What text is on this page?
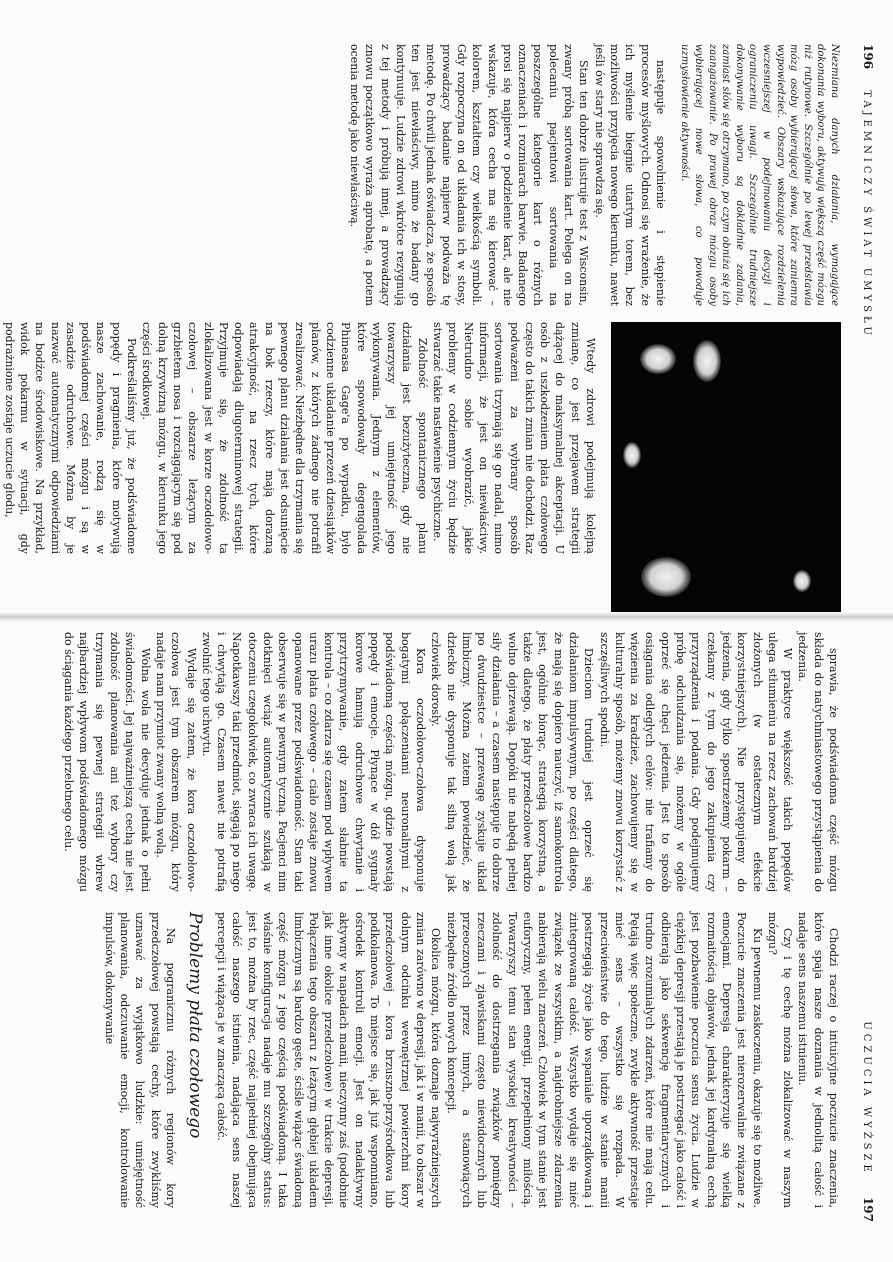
196 TAJEMNICZY ŚWIAT UMYSŁU
UCZUCIA WYŻSZE 197

Niezmiana danych działania, wymagające dokonania wyboru, aktywują większą część mózgu niż rutynowe. Szczególnie po lewej przedstawia mózg osoby wybierającej słowa, które zaniemra wypowiedzieć. Obszary wskazujące rozdzielenia wczesniejszej w podejmowaniu decyzji i ograniczeniu uwagi. Szczególnie trudniejsze dokonywanie wyboru są dokładnie zadania, zamiast słów się otrzymano, po czym obniża się ich zaangażowanie. Po prawej obraz mózgu osoby wybierającej nowe słowa, co powoduje uzmysłowienie aktywności.

następuje spowolnienie i stępienie procesów myślowych. Odnosi się wrażenie, że ich myślenie biegnie utartym torem, bez możliwości przyjęcia nowego kierunku, nawet jeśli ów stary nie sprawdza się.

Stan ten dobrze ilustruje test z Wisconsin, zwany próbą sortowania kart. Polega on na polecaniu pacjentowi sortowania na poszczególne kategorie kart o różnych oznaczeniach i rozmiarach barwie. Badanego prosi się najpierw o podzielenie kart, ale nie wskazuje, która cecha ma się kierować – kolorem, kształtem czy wielkością symboli. Gdy rozpoczyna on od układania ich w stosy, prowadzący badanie najpierw podważa tę metodę. Po chwili jednak oświadcza, że sposób ten jest niewłaściwy, mimo że badany go kontynuuje. Ludzie zdrowi wkrótce rezygnują z tej metody i próbują innej, a prowadzący znowu początkowo wyraża aprobatę, a potem ocenia metodę jako niewłaściwą.

Wtedy zdrowi podejmują kolejną zmianę, co jest przejawem strategii dążącej do maksymalnej akceptacji. U osób z uszkodzeniem płata czołowego często do takich zmian nie dochodzi. Raz podważeni za wybrany sposób sortowania trzymają się go nadal, mimo informacji, że jest on niewłaściwy. Nietrudno sobie wyobrazić, jakie problemy w codziennym życiu będzie stwarzać takie nastawienie psychiczne.

Zdolność spontanicznego planu działania jest bezużyteczna, gdy nie towarzyszy jej umiejętność jego wykonywania. Jednym z elementów, które spowodowały degengolada Phineasa Gage'a po wypadku, było codzienne układanie przezeń dziesiątków planów, z których żadnego nie potrafił zrealizować. Niezbędne dla trzymania się pewnego planu działania jest odsunięcie na bok rzeczy, które mają dorazną atrakcyjność, na rzecz tych, które odpowiadają długoterminowej strategii. Przyjmuje się, że zdolność ta zlokalizowana jest w korze oczodołowo-czołowej – obszarze leżącym za grzbietem nosa i rozciągającym się pod dolną krzywizną mózgu, w kierunku jego części środkowej.

Podkreślaliśmy już, że podświadome popędy i pragnienia, które motywują nasze zachowanie, rodzą się w podświadomej części mózgu i są w zasadzie odruchowe. Można by je nazwać automatycznymi odpowiedziami na bodźce środowiskowe. Na przykład, widok pokarmu w sytuacji, gdy podrażnione zostaje uczucie głodu,

sprawia, że podświadoma część mózgu składa do natychmiastowego przystąpienia do jedzenia.

W praktyce większość takich popędów ulega stłumieniu na rzecz zachowań bardziej złożonych (w ostatecznym efekcie korzystniejszych). Nie przystępujemy do jedzenia, gdy tylko spostrzeżemy pokarm – czekamy z tym do jego zakupienia czy przyrządzenia i podania. Gdy podejmujemy próbę odchudzania się, możemy w ogóle oprzeć się chęci jedzenia. Jest to sposób osiągania odległych celów: nie trafiamy do więzienia za kradzież, zachowujemy się w kulturalny sposób, możemy znowu korzystać z szczęśliwych spodni.

Dzieciom trudniej jest oprzeć się działaniom impulsywnym, po części dlatego, że mają się dopiero nauczyć, iż samokontrola jest, ogólnie biorąc, strategią korzystną, a także dlatego, że płaty przedczołowe bardzo wolno dojrzewają. Dopóki nie nabędą pełnej siły działania – a czasem następuje to dobrze po dwudziestce – przewagę zyskuje układ limbiczny. Można zatem powiedzieć, że dziecko nie dysponuje tak silną wolą jak człowiek dorosły.

Kora oczodołowo-czołowa dysponuje bogatymi połączeniami neuronalnymi z podświadomą częścią mózgu, gdzie powstają popędy i emocje. Płynące w dół sygnały korowe hamują odruchowe chwytanie i przytrzymywanie, gdy zatem słabnie ta kontrola – co zdarza się czasem pod wpływem urazu płata czołowego – ciało zostaje znowu opanowane przez podświadomość. Stan taki obserwuje się w pewnym tyczną. Pacjenci nim dotknięci wciąż automatycznie szukają w otoczeniu czegokolwiek, co zwraca ich uwagę. Napotkawszy taki przedmiot, sięgają po niego i chwytają go. Czasem nawet nie potrafią zwolnić tego uchwytu.

Wydaje się zatem, że kora oczodołowo-czołowa jest tym obszarem mózgu, który nadaje nam przymiot zwany wolną wolą.

Wolna wola nie decyduje jednak o pełni świadomości. Jej najważniejszą cechą nie jest zdolność planowania ani też wybory czy trzymania się pewnej strategii wbrew najbardziej wpływom podświadomego mózgu do ściągania każdego przelotnego celu.

Chodzi raczej o intuicyjne poczucie znaczenia, które spaja nasze doznania w jednolitą całość i nadaje sens naszemu istnieniu.

Czy i tę cechę można zlokalizować w naszym mózgu?

Ku pewnemu zaskoczeniu, okazuje się to możliwe. Poczucie znaczenia jest nierozerwalnie związane z emocjami. Depresja charakteryzuje się wielką rozmaitością objawów, jednak jej kardynalną cechą jest pozbawienie poczucia sensu życia. Ludzie w ciężkiej depresji przestają je postrzegać jako całość i odbierają jako sekwencję fragmentarycznych i trudno zrozumiałych zdarzeń, które nie mają celu. Pętają więc społeczne, zwykle aktywność przestaje mieć sens – wszystko się rozpada. W przeciwieństwie do tego, ludzie w stanie manii postrzegają życie jako wspaniale uporządkowaną i zintegrowaną całość. Wszystko wydaje się mieć związek ze wszystkim, a najdrobniejsze zdarzenia nabierają wielu znaczeń. Człowiek w tym stanie jest euforyczny, pełen energii, przepełniony miłością. Towarzyszy temu stan wysokiej kreatywności – zdolność do dostrzegania związków pomiędzy rzeczami i zjawiskami często niewidocznych lub przeoczonych przez innych, a stanowiących niezbędne źródło nowych koncepcji.

Okolica mózgu, która doznaje najwyraźniejszych zmian zarówno w depresji, jak i w manii, to obszar w dolnym odcinku wewnętrznej powierzchni kory przedczołowej – kora brzuszno-przyśrodkowa lub podkolanowa. To miejsce się, jak już wspomniano, ośrodek kontroli emocji. Jest on nadaktywny aktywny w napadach manii, nieczynny zaś (podobnie jak inne okolice przedczołowe) w trakcie depresji. Połączenia tego obszaru z leżącym głębiej układem limbicznym są bardzo gęste, ściśle wiążąc świadomą część mózgu z jego częścią podświadomą. I taka właśnie konfiguracja nadaje mu szczególny status: jest to, można by rzec, część najpełniej obejmująca całość naszego istnienia, nadająca sens naszej percepcji i wiążąca je w znaczącą całość.

Problemy płata czołowego

Na pogranicznu różnych regionów kory przedczołowej powstają cechy, które zwykliśmy uznawać za wyjątkowo ludzkie: umiejętność planowania, odczuwanie emocji, kontrolowanie impulsów, dokonywanie
